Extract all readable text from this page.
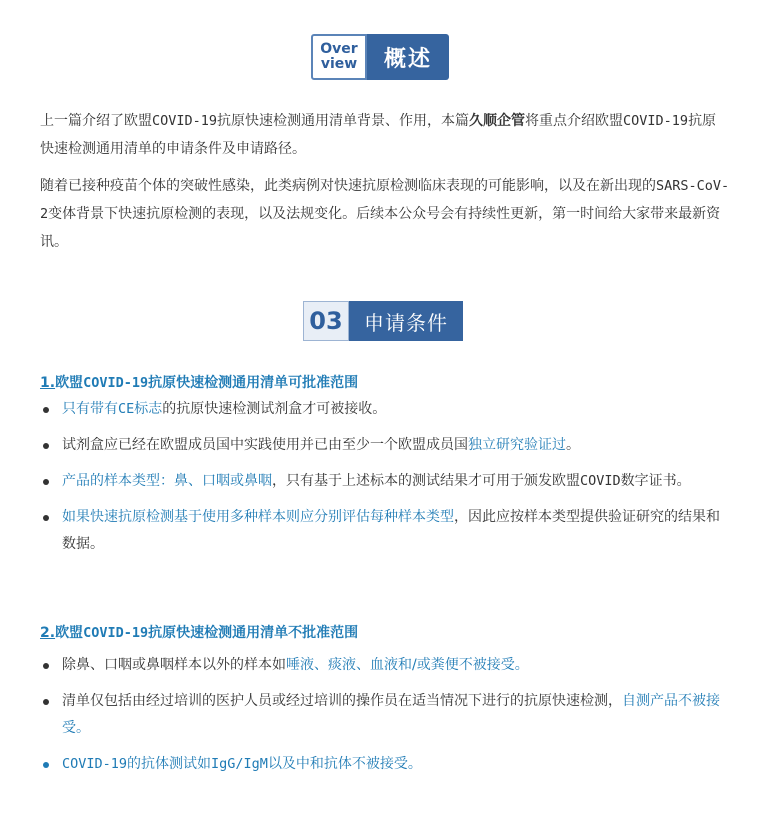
Over
view	概述

上一篇介绍了欧盟COVID-19抗原快速检测通用清单背景、作用，本篇久顺企管将重点介绍欧盟COVID-19抗原快速检测通用清单的申请条件及申请路径。

随着已接种疫苗个体的突破性感染，此类病例对快速抗原检测临床表现的可能影响，以及在新出现的SARS-CoV-2变体背景下快速抗原检测的表现，以及法规变化。后续本公众号会有持续性更新，第一时间给大家带来最新资讯。

03	申请条件

1.欧盟COVID-19抗原快速检测通用清单可批准范围

只有带有CE标志的抗原快速检测试剂盒才可被接收。
试剂盒应已经在欧盟成员国中实践使用并已由至少一个欧盟成员国独立研究验证过。
产品的样本类型：鼻、口咽或鼻咽，只有基于上述标本的测试结果才可用于颁发欧盟COVID数字证书。
如果快速抗原检测基于使用多种样本则应分别评估每种样本类型，因此应按样本类型提供验证研究的结果和数据。

2.欧盟COVID-19抗原快速检测通用清单不批准范围

除鼻、口咽或鼻咽样本以外的样本如唾液、痰液、血液和/或粪便不被接受。
清单仅包括由经过培训的医护人员或经过培训的操作员在适当情况下进行的抗原快速检测，自测产品不被接受。
COVID-19的抗体测试如IgG/IgM以及中和抗体不被接受。
